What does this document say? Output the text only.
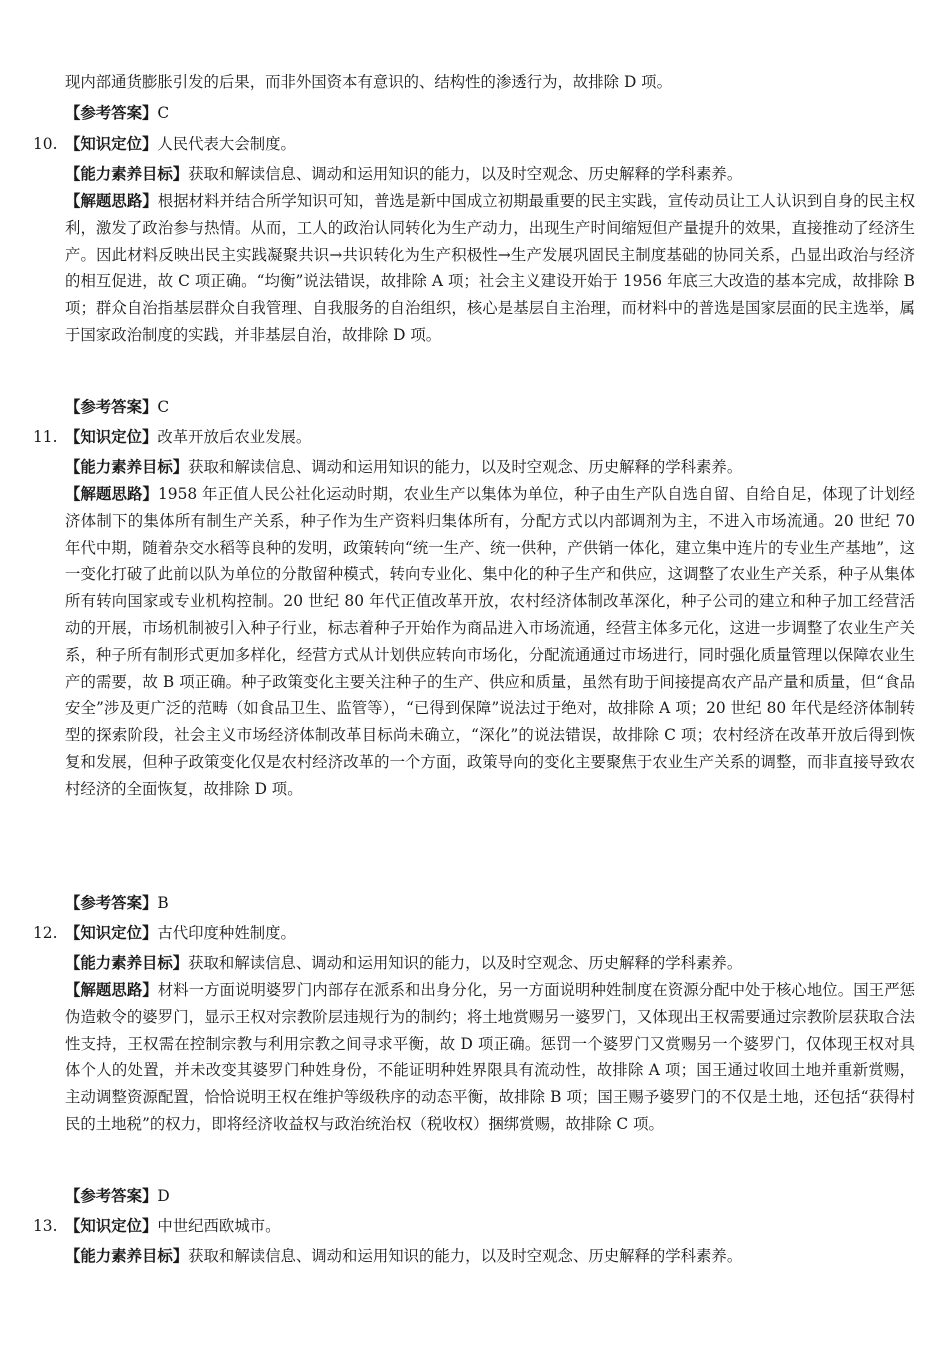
现内部通货膨胀引发的后果，而非外国资本有意识的、结构性的渗透行为，故排除 D 项。
【参考答案】C
10. 【知识定位】人民代表大会制度。
【能力素养目标】获取和解读信息、调动和运用知识的能力，以及时空观念、历史解释的学科素养。
【解题思路】根据材料并结合所学知识可知，普选是新中国成立初期最重要的民主实践，宣传动员让工人认识到自身的民主权利，激发了政治参与热情。从而，工人的政治认同转化为生产动力，出现生产时间缩短但产量提升的效果，直接推动了经济生产。因此材料反映出民主实践凝聚共识→共识转化为生产积极性→生产发展巩固民主制度基础的协同关系，凸显出政治与经济的相互促进，故 C 项正确。“均衡”说法错误，故排除 A 项；社会主义建设开始于 1956 年底三大改造的基本完成，故排除 B 项；群众自治指基层群众自我管理、自我服务的自治组织，核心是基层自主治理，而材料中的普选是国家层面的民主选举，属于国家政治制度的实践，并非基层自治，故排除 D 项。
【参考答案】C
11. 【知识定位】改革开放后农业发展。
【能力素养目标】获取和解读信息、调动和运用知识的能力，以及时空观念、历史解释的学科素养。
【解题思路】1958 年正值人民公社化运动时期，农业生产以集体为单位，种子由生产队自选自留、自给自足，体现了计划经济体制下的集体所有制生产关系，种子作为生产资料归集体所有，分配方式以内部调剂为主，不进入市场流通。20 世纪 70 年代中期，随着杂交水稻等良种的发明，政策转向“统一生产、统一供种，产供销一体化，建立集中连片的专业生产基地”，这一变化打破了此前以队为单位的分散留种模式，转向专业化、集中化的种子生产和供应，这调整了农业生产关系，种子从集体所有转向国家或专业机构控制。20 世纪 80 年代正值改革开放，农村经济体制改革深化，种子公司的建立和种子加工经营活动的开展，市场机制被引入种子行业，标志着种子开始作为商品进入市场流通，经营主体多元化，这进一步调整了农业生产关系，种子所有制形式更加多样化，经营方式从计划供应转向市场化，分配流通通过市场进行，同时强化质量管理以保障农业生产的需要，故 B 项正确。种子政策变化主要关注种子的生产、供应和质量，虽然有助于间接提高农产品产量和质量，但“食品安全”涉及更广泛的范畴（如食品卫生、监管等），“已得到保障”说法过于绝对，故排除 A 项；20 世纪 80 年代是经济体制转型的探索阶段，社会主义市场经济体制改革目标尚未确立，“深化”的说法错误，故排除 C 项；农村经济在改革开放后得到恢复和发展，但种子政策变化仅是农村经济改革的一个方面，政策导向的变化主要聚焦于农业生产关系的调整，而非直接导致农村经济的全面恢复，故排除 D 项。
【参考答案】B
12. 【知识定位】古代印度种姓制度。
【能力素养目标】获取和解读信息、调动和运用知识的能力，以及时空观念、历史解释的学科素养。
【解题思路】材料一方面说明婆罗门内部存在派系和出身分化，另一方面说明种姓制度在资源分配中处于核心地位。国王严惩伪造敕令的婆罗门，显示王权对宗教阶层违规行为的制约；将土地赏赐另一婆罗门，又体现出王权需要通过宗教阶层获取合法性支持，王权需在控制宗教与利用宗教之间寻求平衡，故 D 项正确。惩罚一个婆罗门又赏赐另一个婆罗门，仅体现王权对具体个人的处置，并未改变其婆罗门种姓身份，不能证明种姓界限具有流动性，故排除 A 项；国王通过收回土地并重新赏赐，主动调整资源配置，恰恰说明王权在维护等级秩序的动态平衡，故排除 B 项；国王赐予婆罗门的不仅是土地，还包括“获得村民的土地税”的权力，即将经济收益权与政治统治权（税收权）捆绑赏赐，故排除 C 项。
【参考答案】D
13. 【知识定位】中世纪西欧城市。
【能力素养目标】获取和解读信息、调动和运用知识的能力，以及时空观念、历史解释的学科素养。
